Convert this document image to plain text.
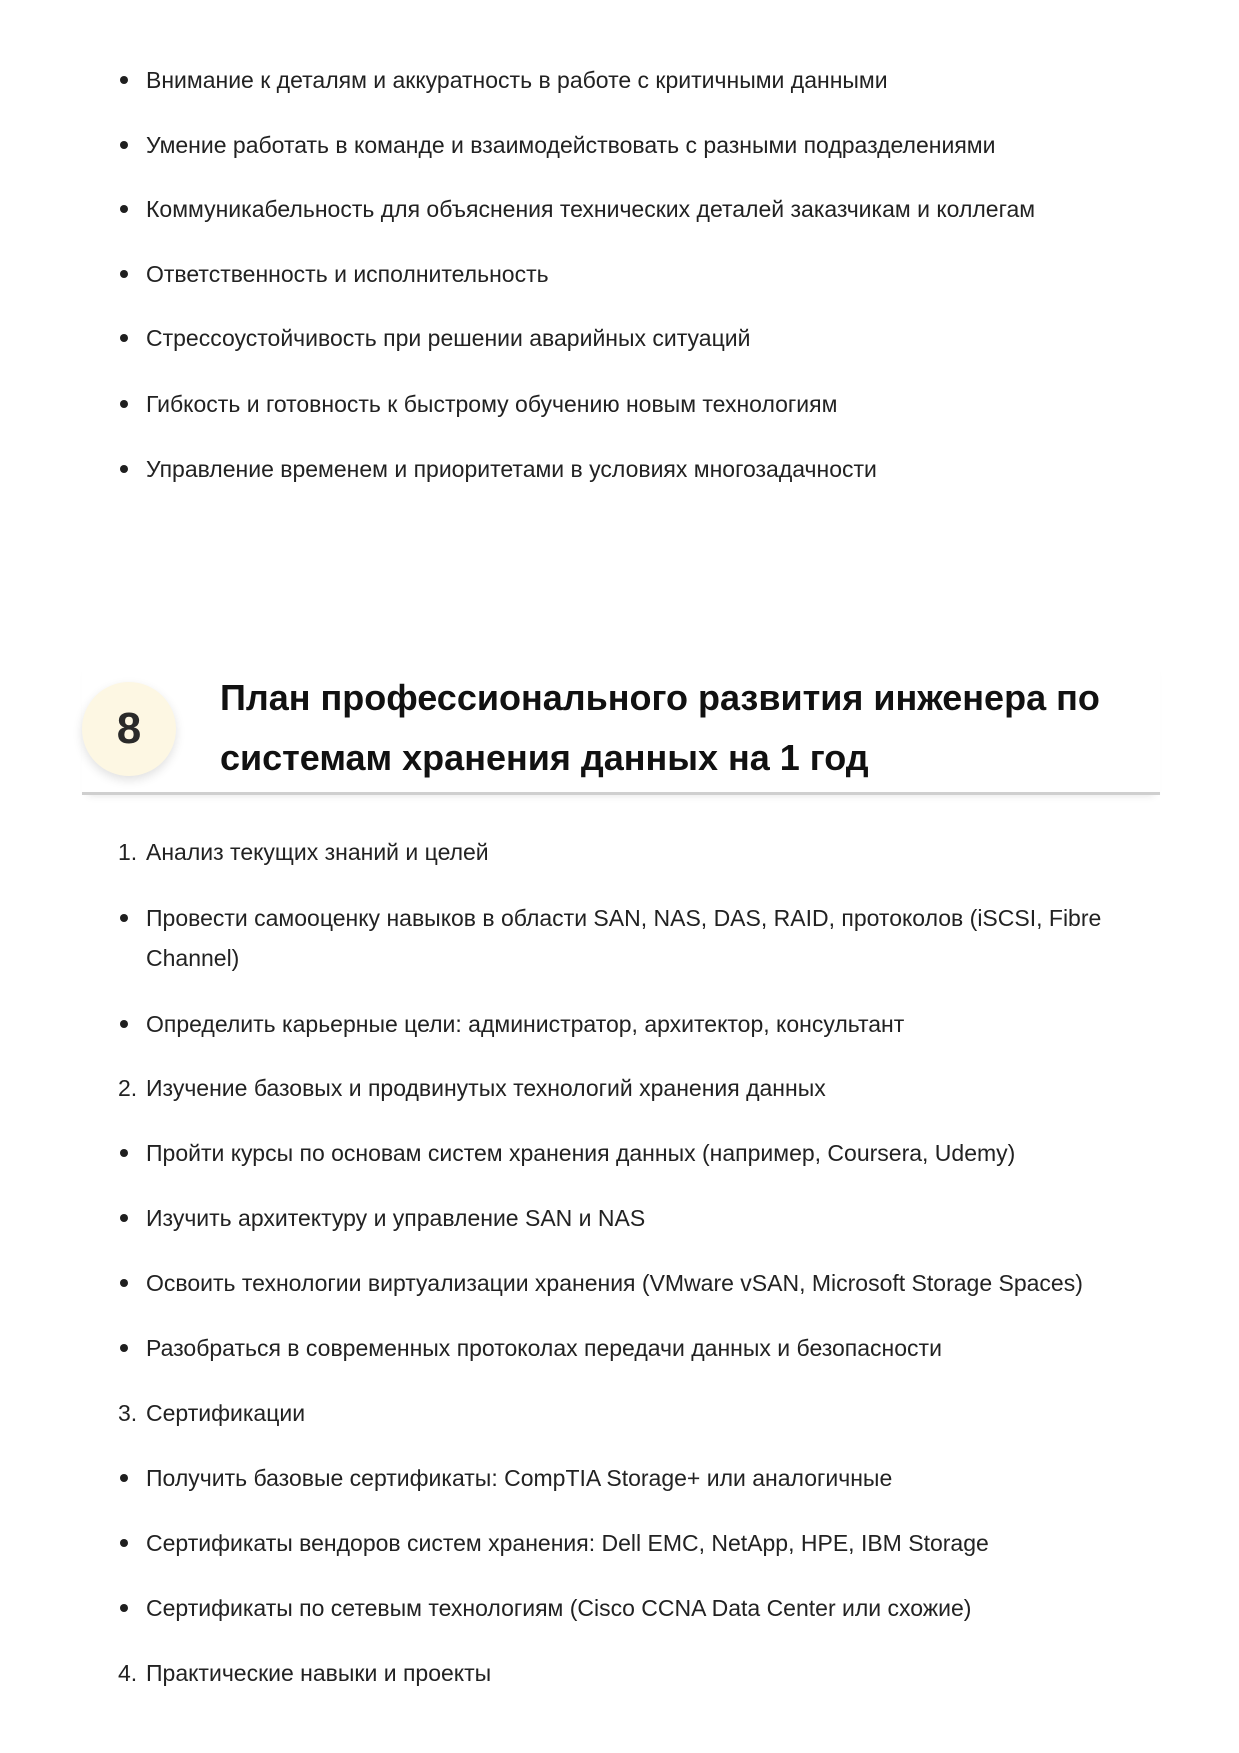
Внимание к деталям и аккуратность в работе с критичными данными
Умение работать в команде и взаимодействовать с разными подразделениями
Коммуникабельность для объяснения технических деталей заказчикам и коллегам
Ответственность и исполнительность
Стрессоустойчивость при решении аварийных ситуаций
Гибкость и готовность к быстрому обучению новым технологиям
Управление временем и приоритетами в условиях многозадачности
8
План профессионального развития инженера по системам хранения данных на 1 год
1. Анализ текущих знаний и целей
Провести самооценку навыков в области SAN, NAS, DAS, RAID, протоколов (iSCSI, Fibre Channel)
Определить карьерные цели: администратор, архитектор, консультант
2. Изучение базовых и продвинутых технологий хранения данных
Пройти курсы по основам систем хранения данных (например, Coursera, Udemy)
Изучить архитектуру и управление SAN и NAS
Освоить технологии виртуализации хранения (VMware vSAN, Microsoft Storage Spaces)
Разобраться в современных протоколах передачи данных и безопасности
3. Сертификации
Получить базовые сертификаты: CompTIA Storage+ или аналогичные
Сертификаты вендоров систем хранения: Dell EMC, NetApp, HPE, IBM Storage
Сертификаты по сетевым технологиям (Cisco CCNA Data Center или схожие)
4. Практические навыки и проекты
